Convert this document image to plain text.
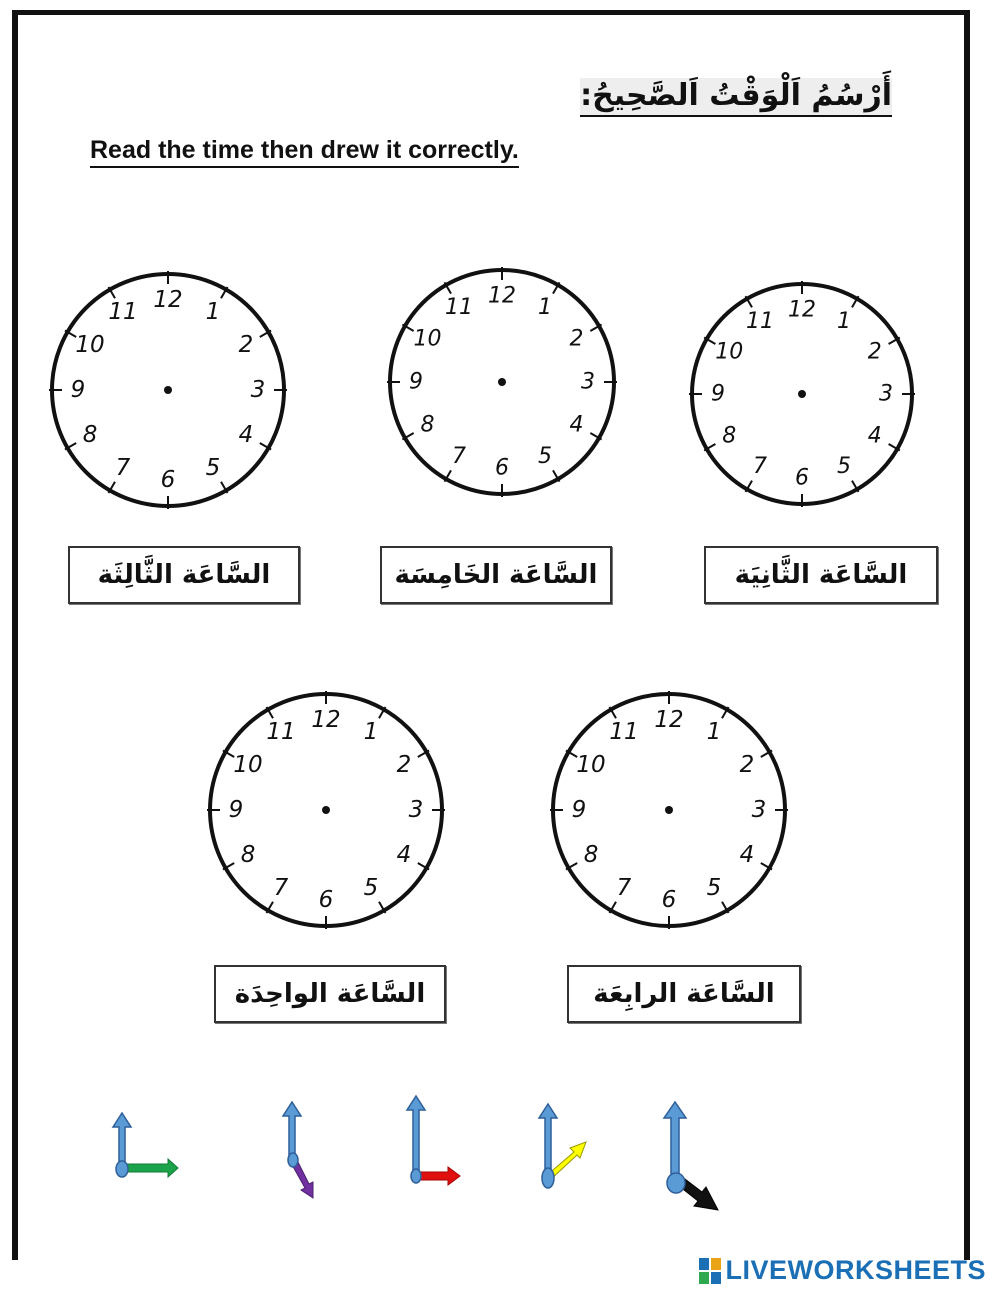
أَرْسُمُ اَلْوَقْتُ اَلصَّحِيحُ:
Read the time then drew it correctly.
12 1
2
3
4
5
6
7
8
9
10
11
12 1
2
3
4
5
6
7
8
9
10
11	12 1
2
3
4
5
6
7
8
9
10
11
12 1
2
3
4
5
6
7
8
9
10
11	12 1
2
3
4
5
6
7
8
9
10
11
السَّاعَة الثَّالِثَة	السَّاعَة الخَامِسَة	السَّاعَة الثَّانِيَة
السَّاعَة الواحِدَة	السَّاعَة الرابِعَة
LIVEWORKSHEETS
